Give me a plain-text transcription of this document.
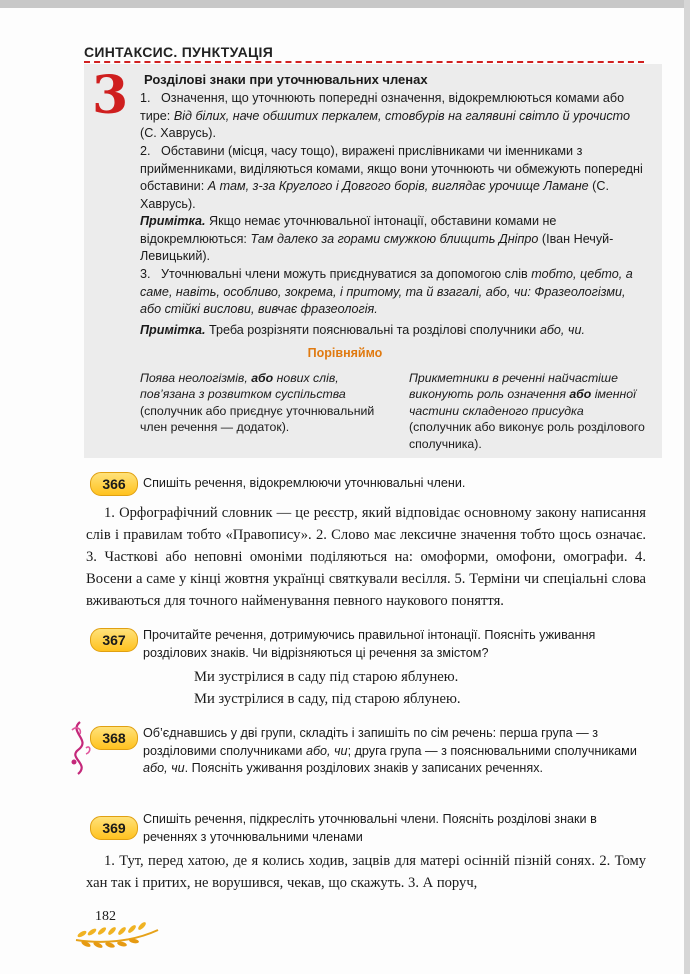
СИНТАКСИС. ПУНКТУАЦІЯ
3 Розділові знаки при уточнювальних членах
1. Означення, що уточнюють попередні означення, відокремлюються комами або тире: Від білих, наче обшитих перкалем, стовбурів на галявині світло й урочисто (С. Хаврусь).
2. Обставини (місця, часу тощо), виражені прислівниками чи іменниками з прийменниками, виділяються комами, якщо вони уточнюють чи обмежують попередні обставини: А там, з-за Круглого і Довгого борів, виглядає урочище Ламане (С. Хаврусь).
Примітка. Якщо немає уточнювальної інтонації, обставини комами не відокремлюються: Там далеко за горами смужкою блищить Дніпро (Іван Нечуй-Левицький).
3. Уточнювальні члени можуть приєднуватися за допомогою слів тобто, цебто, а саме, навіть, особливо, зокрема, і притому, та й взагалі, або, чи: Фразеологізми, або стійкі вислови, вивчає фразеологія.
Примітка. Треба розрізняти пояснювальні та розділові сполучники або, чи.
Порівняймо
Поява неологізмів, або нових слів, пов’язана з розвитком суспільства (сполучник або приєднує уточнювальний член речення — додаток).
Прикметники в реченні найчастіше виконують роль означення або іменної частини складеного присудка (сполучник або виконує роль розділового сполучника).
366	Спишіть речення, відокремлюючи уточнювальні члени.
1. Орфографічний словник — це реєстр, який відповідає основному закону написання слів і правилам тобто «Правопису». 2. Слово має лексичне значення тобто щось означає. 3. Часткові або неповні омоніми поділяються на: омоформи, омофони, омографи. 4. Восени а саме у кінці жовтня українці святкували весілля. 5. Терміни чи спеціальні слова вживаються для точного найменування певного наукового поняття.
367	Прочитайте речення, дотримуючись правильної інтонації. Поясніть уживання розділових знаків. Чи відрізняються ці речення за змістом?
Ми зустрілися в саду під старою яблунею.
Ми зустрілися в саду, під старою яблунею.
368	Об’єднавшись у дві групи, складіть і запишіть по сім речень: перша група — з розділовими сполучниками або, чи; друга група — з пояснювальними сполучниками або, чи. Поясніть уживання розділових знаків у записаних реченнях.
369
Спишіть речення, підкресліть уточнювальні члени. Поясніть розділові знаки в реченнях з уточнювальними членами
1. Тут, перед хатою, де я колись ходив, зацвів для матері осінній пізній сонях. 2. Тому хан так і притих, не ворушився, чекав, що скажуть. 3. А поруч,
182
